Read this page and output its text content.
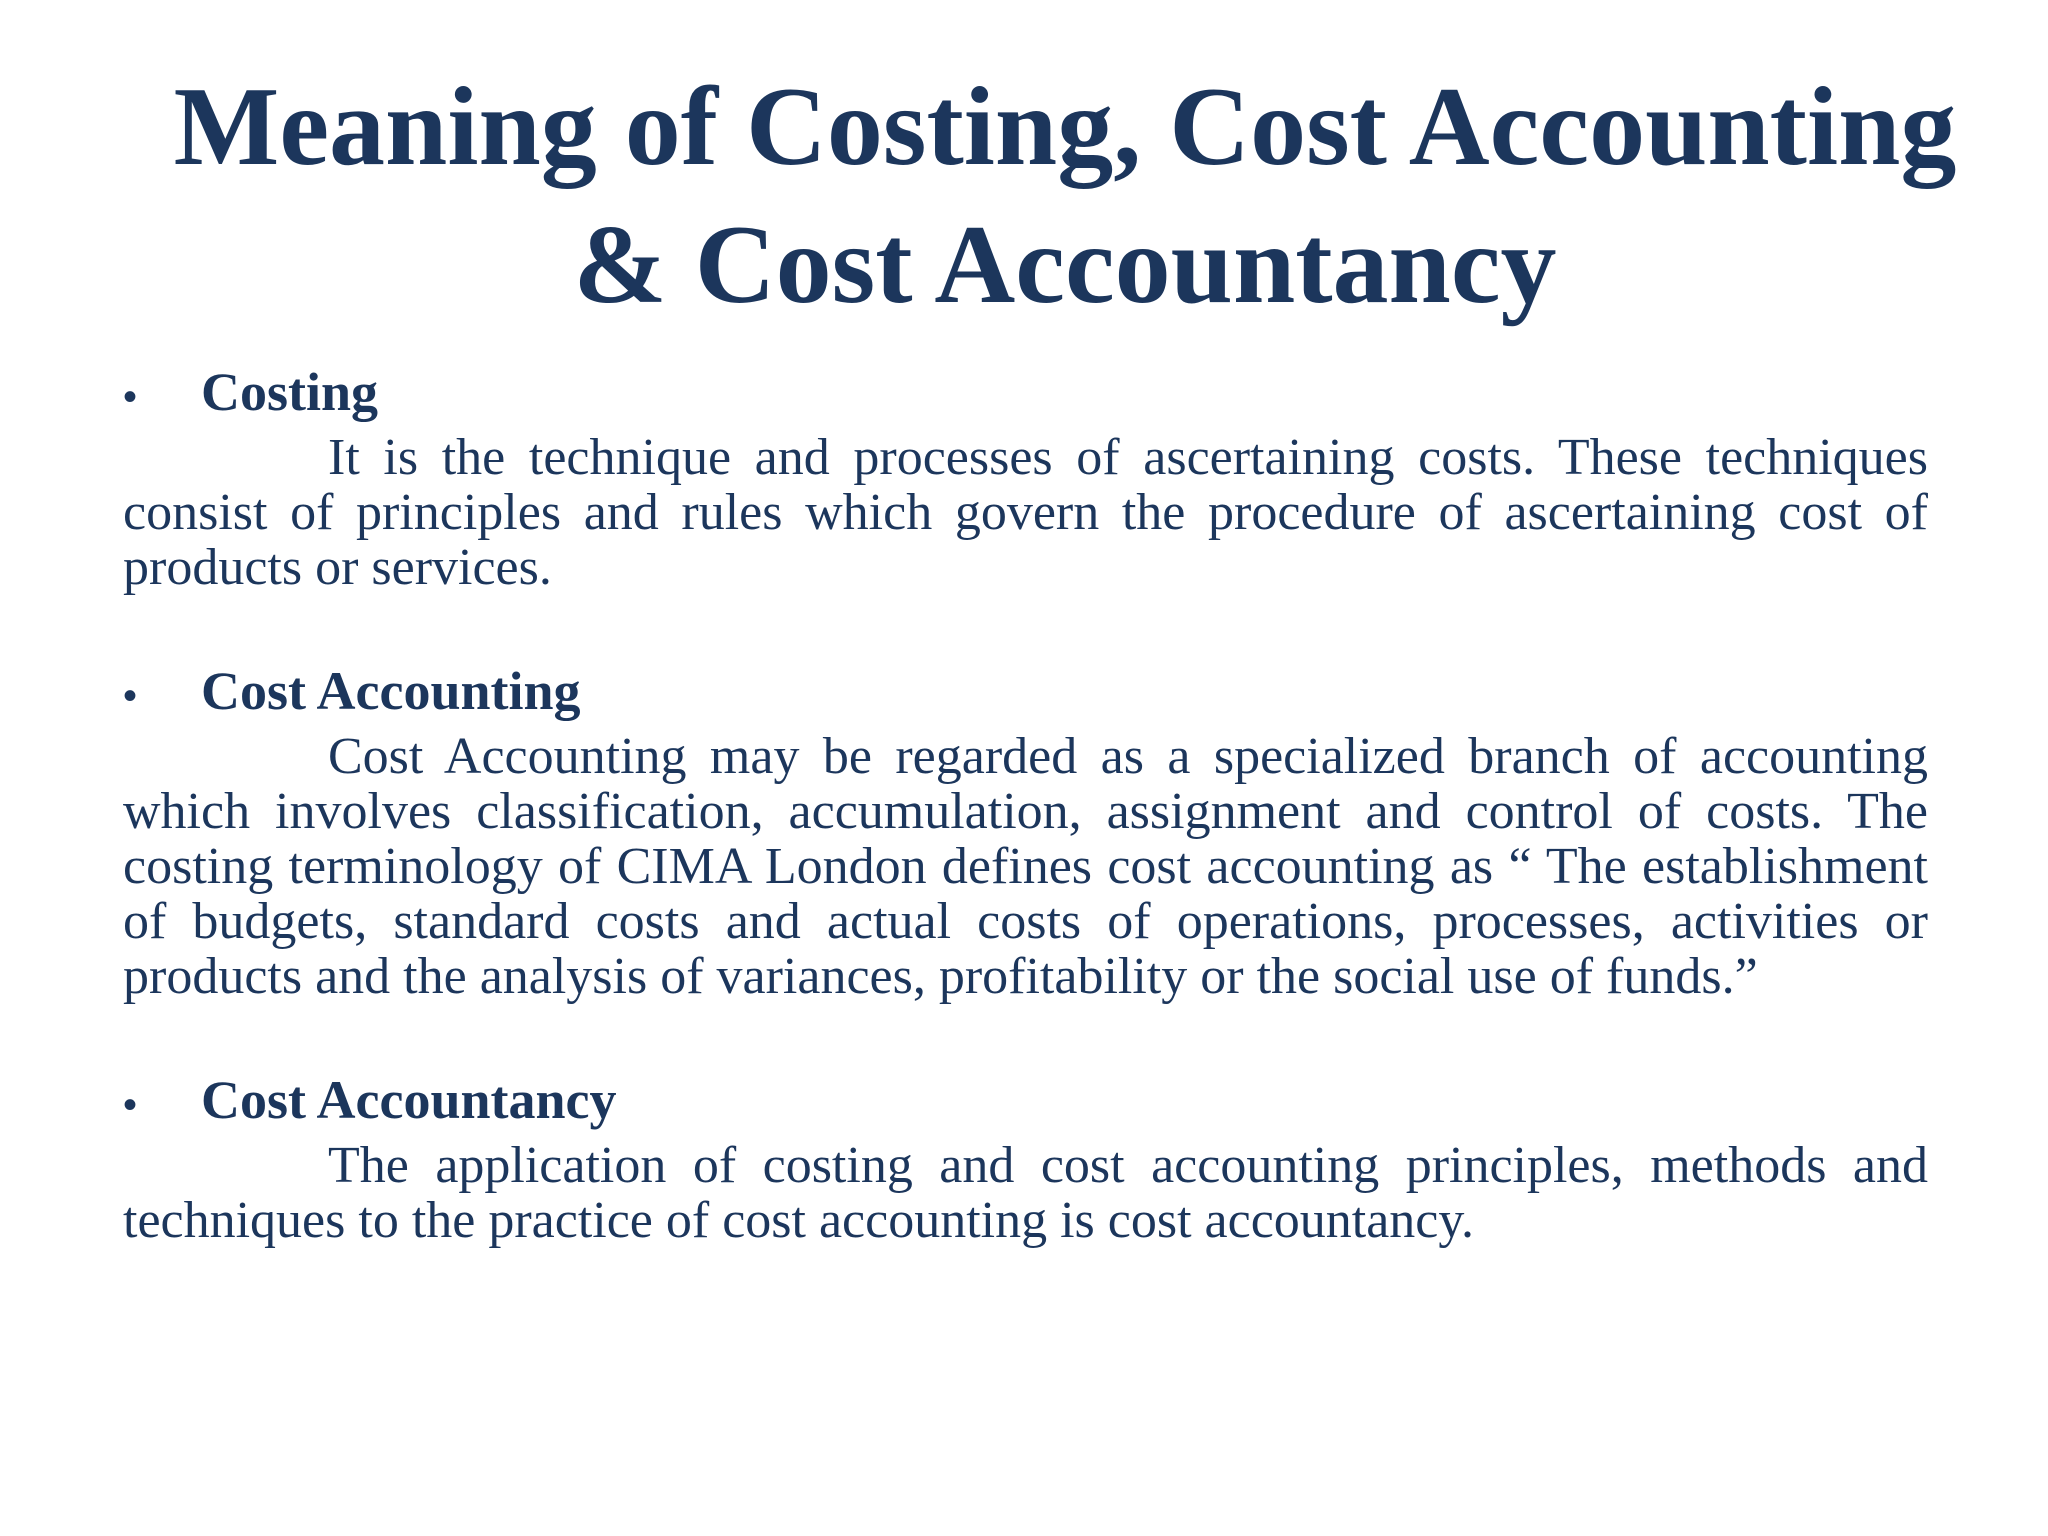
Meaning of Costing, Cost Accounting
& Cost Accountancy
•	Costing

It is the technique and processes of ascertaining costs. These techniques consist of principles and rules which govern the procedure of ascertaining cost of products or services.

•	Cost Accounting

Cost Accounting may be regarded as a specialized branch of accounting which involves classification, accumulation, assignment and control of costs. The costing terminology of CIMA London defines cost accounting as “ The establishment of budgets, standard costs and actual costs of operations, processes, activities or products and the analysis of variances, profitability or the social use of funds.”

•	Cost Accountancy

The application of costing and cost accounting principles, methods and techniques to the practice of cost accounting is cost accountancy.
